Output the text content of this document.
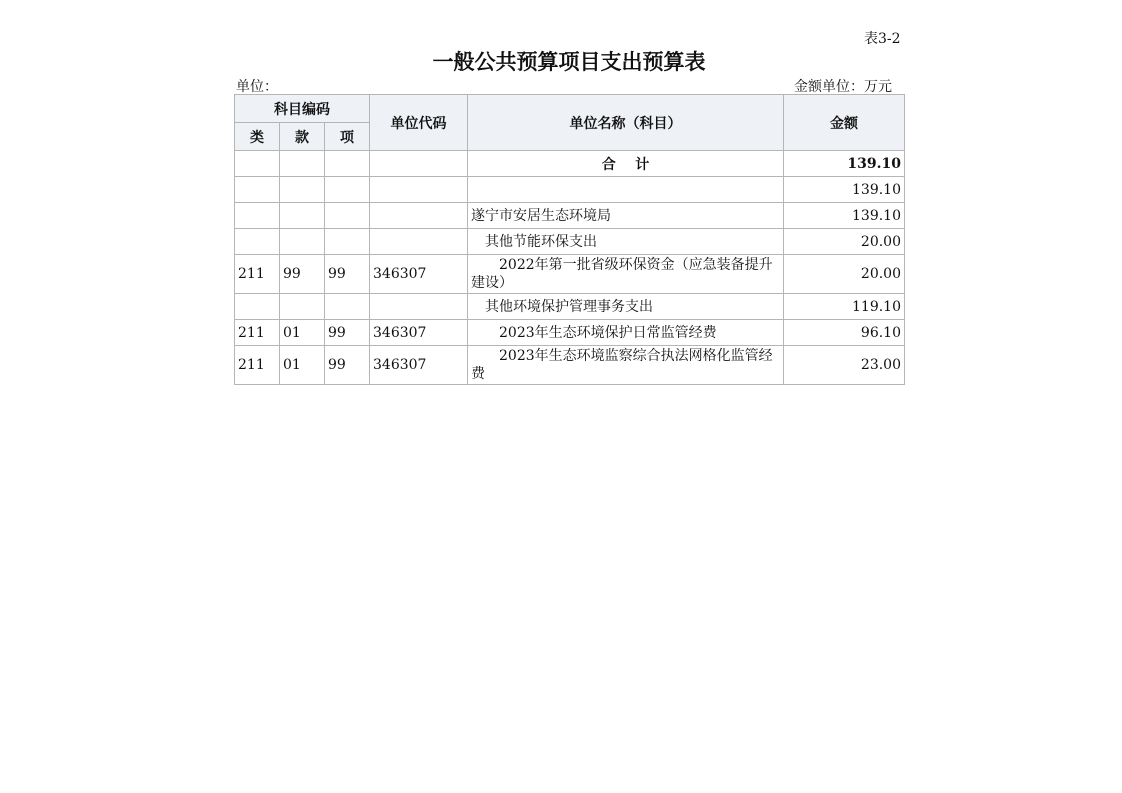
表3-2
一般公共预算项目支出预算表
单位：	金额单位：万元
科目编码			单位代码	单位名称（科目）	金额
类	款	项			
				合    计	139.10
					139.10
				遂宁市安居生态环境局	139.10
				其他节能环保支出	20.00
211	99	99	346307	2022年第一批省级环保资金（应急装备提升建设）	20.00
				其他环境保护管理事务支出	119.10
211	01	99	346307	2023年生态环境保护日常监管经费	96.10
211	01	99	346307	2023年生态环境监察综合执法网格化监管经费	23.00
